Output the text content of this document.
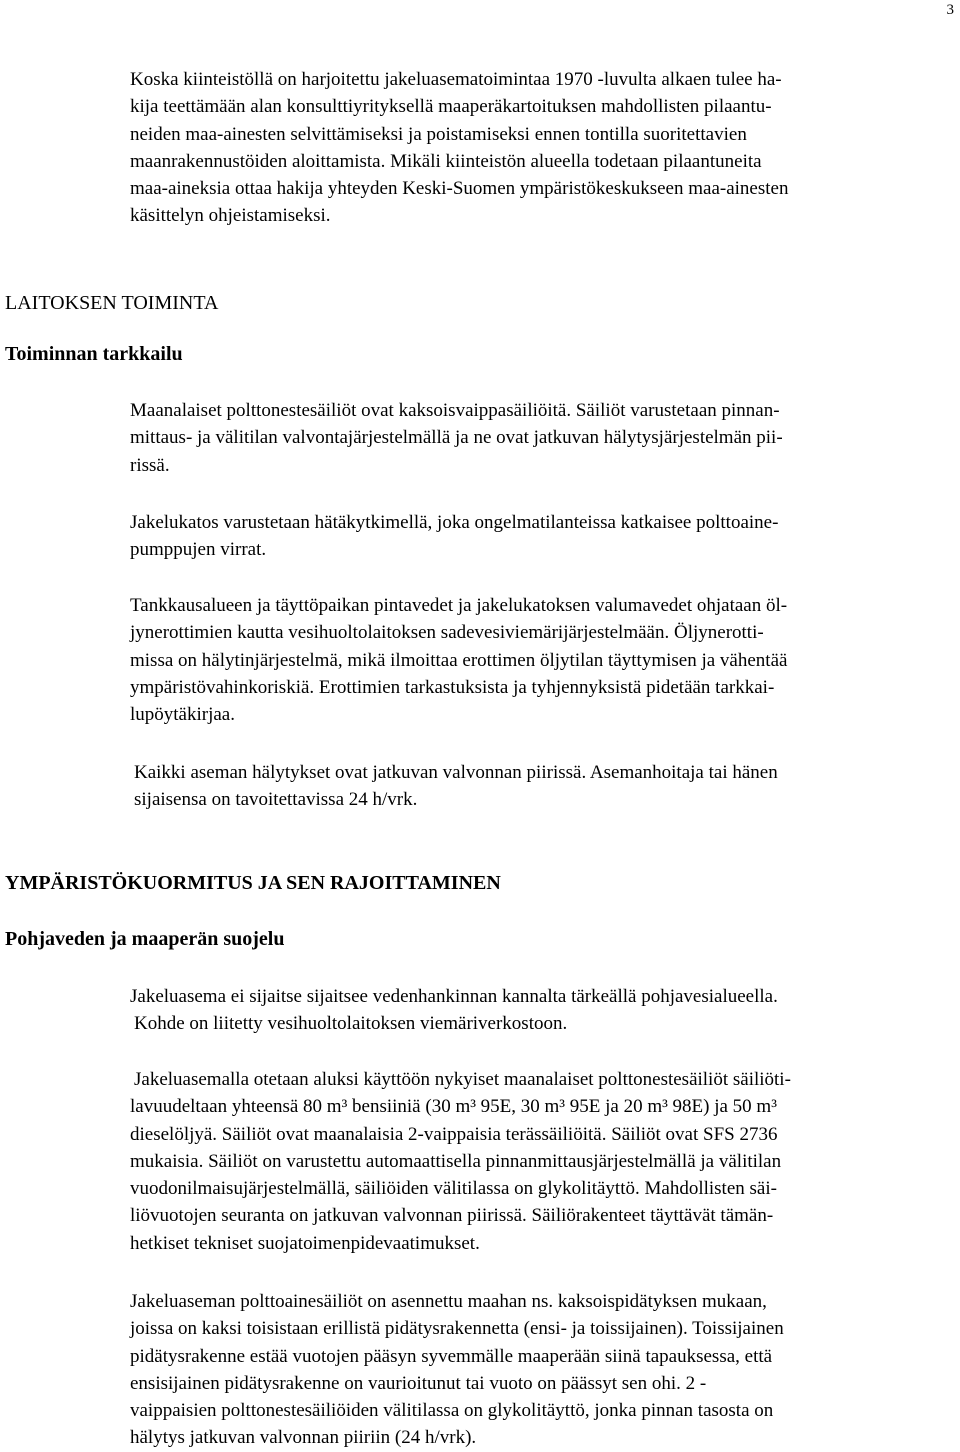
3
Koska kiinteistöllä on harjoitettu jakeluasematoimintaa 1970 -luvulta alkaen tulee ha-
kija teettämään alan konsulttiyrityksellä maaperäkartoituksen mahdollisten pilaantu-
neiden maa-ainesten selvittämiseksi ja poistamiseksi ennen tontilla suoritettavien
maanrakennustöiden aloittamista. Mikäli kiinteistön alueella todetaan pilaantuneita
maa-aineksia ottaa hakija yhteyden Keski-Suomen ympäristökeskukseen maa-ainesten
käsittelyn ohjeistamiseksi.
LAITOKSEN TOIMINTA
Toiminnan tarkkailu
Maanalaiset polttonestesäiliöt ovat kaksoisvaippasäiliöitä. Säiliöt varustetaan pinnan-
mittaus- ja välitilan valvontajärjestelmällä ja ne ovat jatkuvan hälytysjärjestelmän pii-
rissä.
Jakelukatos varustetaan hätäkytkimellä, joka ongelmatilanteissa katkaisee polttoaine-
pumppujen virrat.
Tankkausalueen ja täyttöpaikan pintavedet ja jakelukatoksen valumavedet ohjataan öl-
jynerottimien kautta vesihuoltolaitoksen sadevesiviemärijärjestelmään. Öljynerotti-
missa on hälytinjärjestelmä, mikä ilmoittaa erottimen öljytilan täyttymisen ja vähentää
ympäristövahinkoriskiä. Erottimien tarkastuksista ja tyhjennyksistä pidetään tarkkai-
lupöytäkirjaa.
Kaikki aseman hälytykset ovat jatkuvan valvonnan piirissä. Asemanhoitaja tai hänen
sijaisensa on tavoitettavissa 24 h/vrk.
YMPÄRISTÖKUORMITUS JA SEN RAJOITTAMINEN
Pohjaveden ja maaperän suojelu
Jakeluasema ei sijaitse sijaitsee vedenhankinnan kannalta tärkeällä pohjavesialueella.
Kohde on liitetty vesihuoltolaitoksen viemäriverkostoon.
Jakeluasemalla otetaan aluksi käyttöön nykyiset maanalaiset polttonestesäiliöt säiliöti-
lavuudeltaan yhteensä 80 m³ bensiiniä (30 m³ 95E, 30 m³ 95E ja 20 m³ 98E) ja 50 m³
dieselöljyä. Säiliöt ovat maanalaisia 2-vaippaisia terässäiliöitä. Säiliöt ovat SFS 2736
mukaisia. Säiliöt on varustettu automaattisella pinnanmittausjärjestelmällä ja välitilan
vuodonilmaisujärjestelmällä, säiliöiden välitilassa on glykolitäyttö. Mahdollisten säi-
liövuotojen seuranta on jatkuvan valvonnan piirissä. Säiliörakenteet täyttävät tämän-
hetkiset tekniset suojatoimenpidevaatimukset.
Jakeluaseman polttoainesäiliöt on asennettu maahan ns. kaksoispidätyksen mukaan,
joissa on kaksi toisistaan erillistä pidätysrakennetta (ensi- ja toissijainen). Toissijainen
pidätysrakenne estää vuotojen pääsyn syvemmälle maaperään siinä tapauksessa, että
ensisijainen pidätysrakenne on vaurioitunut tai vuoto on päässyt sen ohi. 2 -
vaippaisien polttonestesäiliöiden välitilassa on glykolitäyttö, jonka pinnan tasosta on
hälytys jatkuvan valvonnan piiriin (24 h/vrk).
